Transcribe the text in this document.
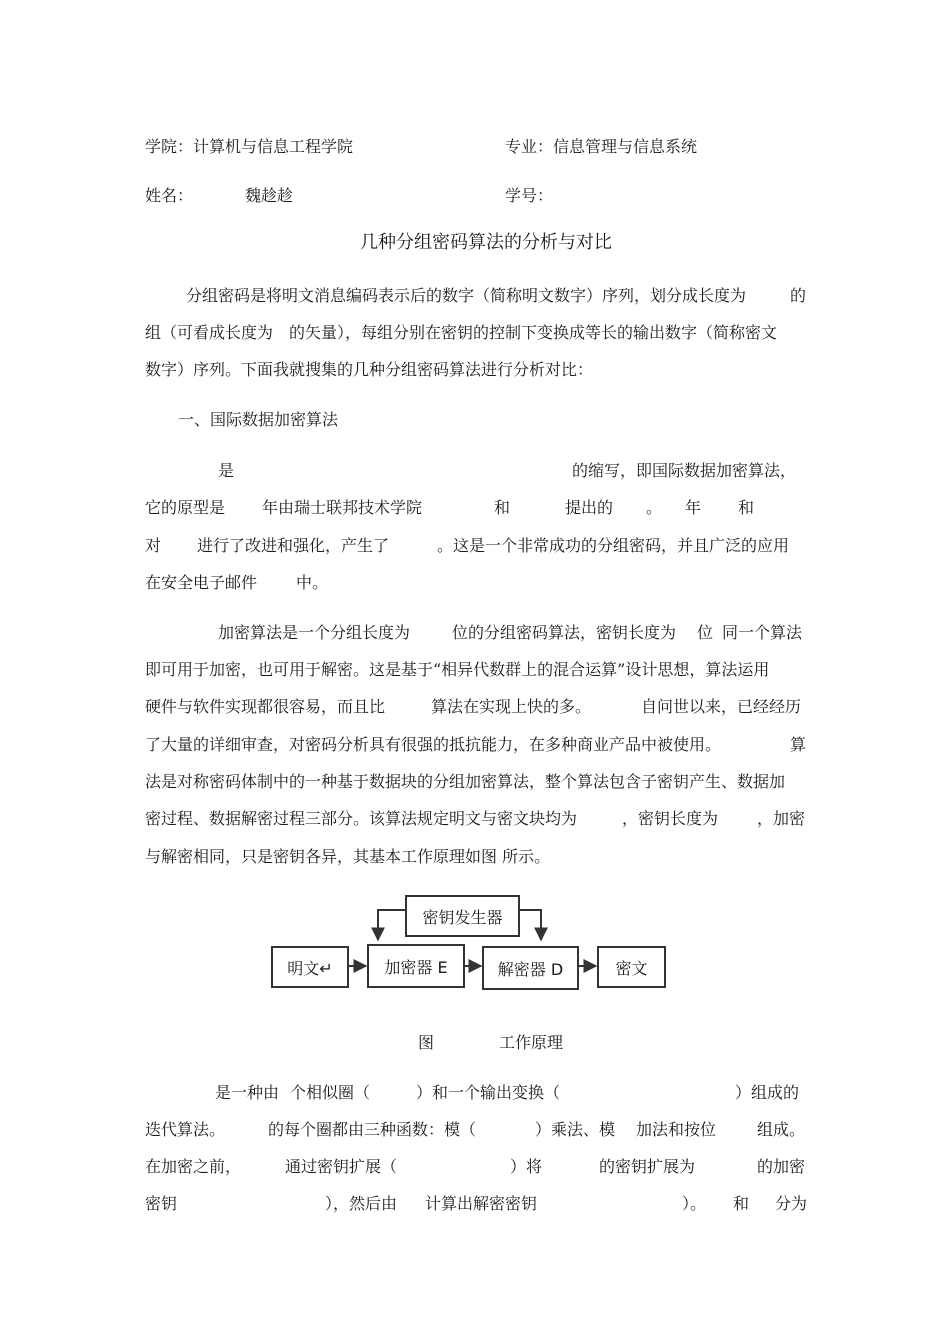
学院：计算机与信息工程学院	专业：信息管理与信息系统
姓名：	魏趁趁	学号：
几种分组密码算法的分析与对比
分组密码是将明文消息编码表示后的数字（简称明文数字）序列，划分成长度为	的
组（可看成长度为　的矢量），每组分别在密钥的控制下变换成等长的输出数字（简称密文
数字）序列。下面我就搜集的几种分组密码算法进行分析对比：
一、国际数据加密算法
是	的缩写，即国际数据加密算法，
它的原型是 年由瑞士联邦技术学院	和	提出的 。 年 和
对 进行了改进和强化，产生了	。这是一个非常成功的分组密码，并且广泛的应用
在安全电子邮件 中。
加密算法是一个分组长度为	位的分组密码算法，密钥长度为 位 同一个算法
即可用于加密，也可用于解密。这是基于“相异代数群上的混合运算”设计思想，算法运用
硬件与软件实现都很容易，而且比	算法在实现上快的多。	自问世以来，已经经历
了大量的详细审查，对密码分析具有很强的抵抗能力，在多种商业产品中被使用。	算
法是对称密码体制中的一种基于数据块的分组加密算法，整个算法包含子密钥产生、数据加
密过程、数据解密过程三部分。该算法规定明文与密文块均为	，密钥长度为 ，加密
与解密相同，只是密钥各异，其基本工作原理如图 所示。
密钥发生器
明文↵	加密器 E	解密器 D	密文
图	工作原理
是一种由 个相似圈（	）和一个输出变换（	）组成的
迭代算法。	的每个圈都由三种函数：模（	）乘法、模 加法和按位	组成。
在加密之前，	通过密钥扩展（	）将	的密钥扩展为	的加密
密钥	），然后由 计算出解密密钥	）。 和 分为
